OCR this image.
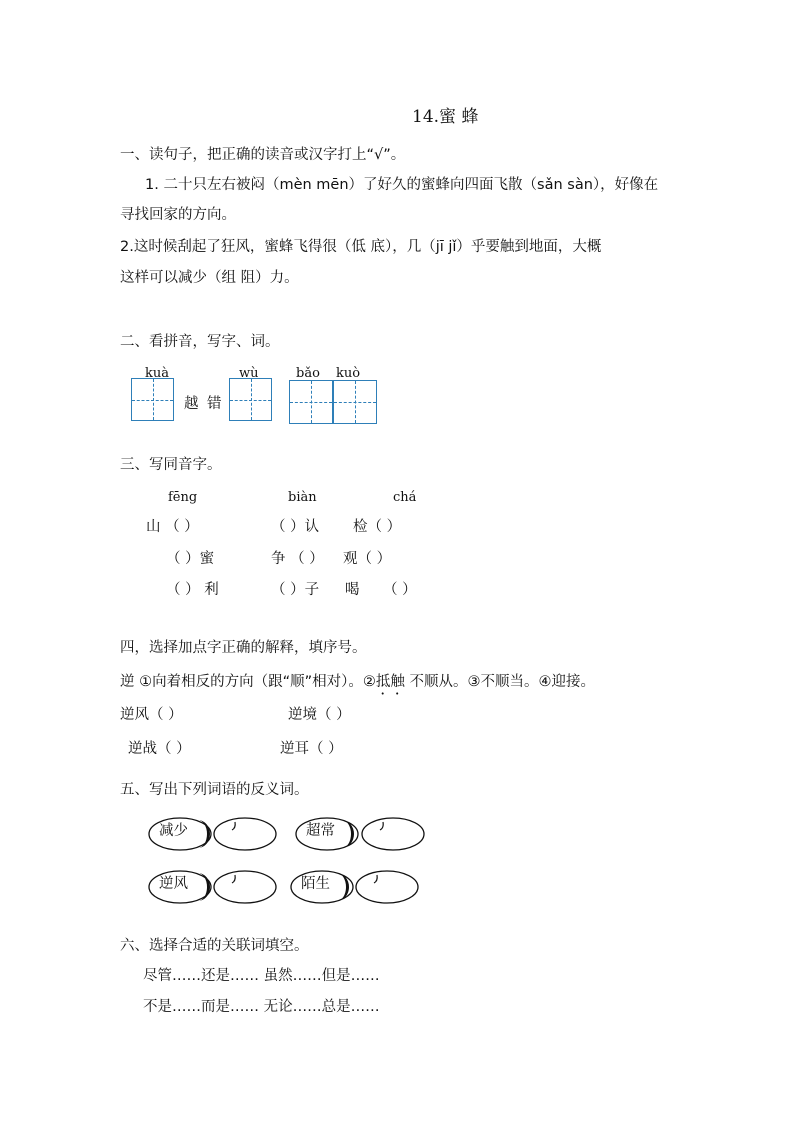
14.蜜 蜂
一、读句子，把正确的读音或汉字打上“√”。
1. 二十只左右被闷（mèn mēn）了好久的蜜蜂向四面飞散（sǎn sàn），好像在
寻找回家的方向。
2.这时候刮起了狂风，蜜蜂飞得很（低 底），几（jī jǐ）乎要触到地面，大概
这样可以减少（组 阻）力。
二、看拼音，写字、词。
kuà	wù	bǎo kuò
越 错
三、写同音字。
fēng	biàn	chá
山 （ ）	（ ）认 检（ ）
（ ）蜜	争 （ ） 观（ ）
（ ） 利	（ ）子 喝 （ ）
四，选择加点字正确的解释，填序号。
逆 ①向着相反的方向（跟“顺”相对）。②抵触 不顺从。③不顺当。④迎接。
逆风（ ）	逆境（ ）
逆战（ ）	逆耳（ ）
五、写出下列词语的反义词。
减少	超常
逆风	陌生
六、选择合适的关联词填空。
尽管……还是…… 虽然……但是……
不是……而是…… 无论……总是……
